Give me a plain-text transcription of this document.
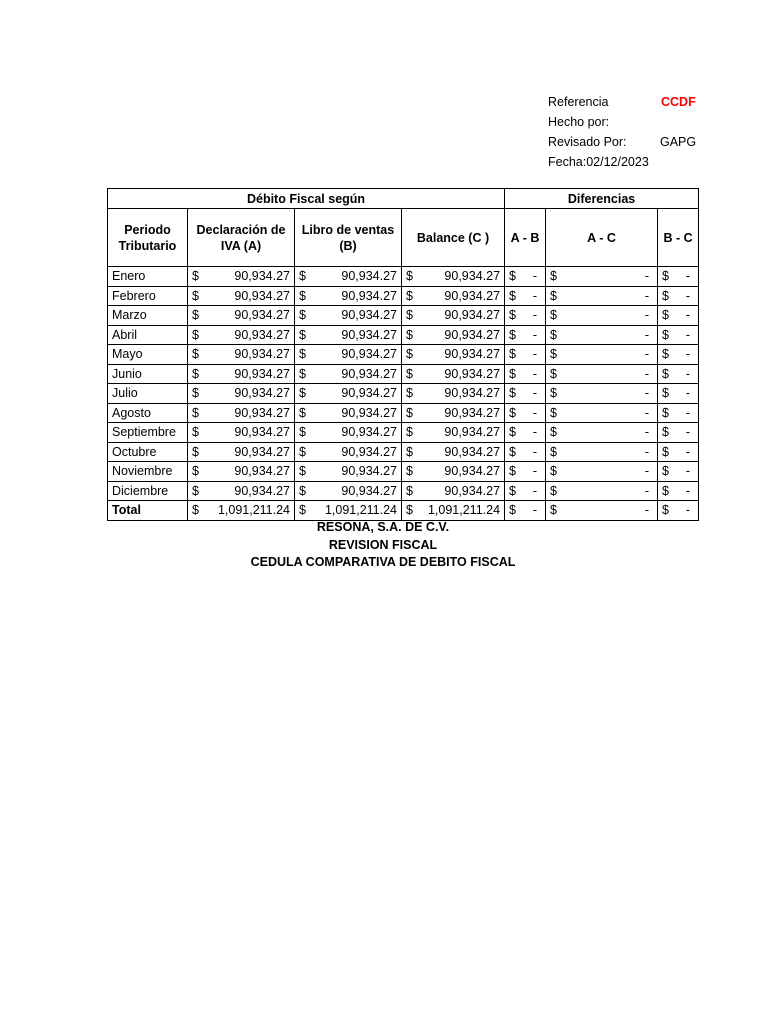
Referencia	CCDF
Hecho por:
Revisado Por:	GAPG
Fecha:02/12/2023
Débito Fiscal según				Diferencias		
Periodo Tributario	Declaración de IVA (A)	Libro de ventas (B)	Balance (C )	A - B	A - C	B - C
Enero	$ 90,934.27	$ 90,934.27	$ 90,934.27	$ -	$ -	$ -

Febrero	$ 90,934.27	$ 90,934.27	$ 90,934.27	$ -	$ -	$ -

Marzo	$ 90,934.27	$ 90,934.27	$ 90,934.27	$ -	$ -	$ -

Abril	$ 90,934.27	$ 90,934.27	$ 90,934.27	$ -	$ -	$ -

Mayo	$ 90,934.27	$ 90,934.27	$ 90,934.27	$ -	$ -	$ -

Junio	$ 90,934.27	$ 90,934.27	$ 90,934.27	$ -	$ -	$ -

Julio	$ 90,934.27	$ 90,934.27	$ 90,934.27	$ -	$ -	$ -

Agosto	$ 90,934.27	$ 90,934.27	$ 90,934.27	$ -	$ -	$ -

Septiembre	$ 90,934.27	$ 90,934.27	$ 90,934.27	$ -	$ -	$ -

Octubre	$ 90,934.27	$ 90,934.27	$ 90,934.27	$ -	$ -	$ -

Noviembre	$ 90,934.27	$ 90,934.27	$ 90,934.27	$ -	$ -	$ -

Diciembre	$ 90,934.27	$ 90,934.27	$ 90,934.27	$ -	$ -	$ -

Total	$ 1,091,211.24	$ 1,091,211.24	$ 1,091,211.24	$ -	$ -	$ -
RESONA, S.A. DE C.V.
REVISION FISCAL
CEDULA COMPARATIVA DE DEBITO FISCAL
